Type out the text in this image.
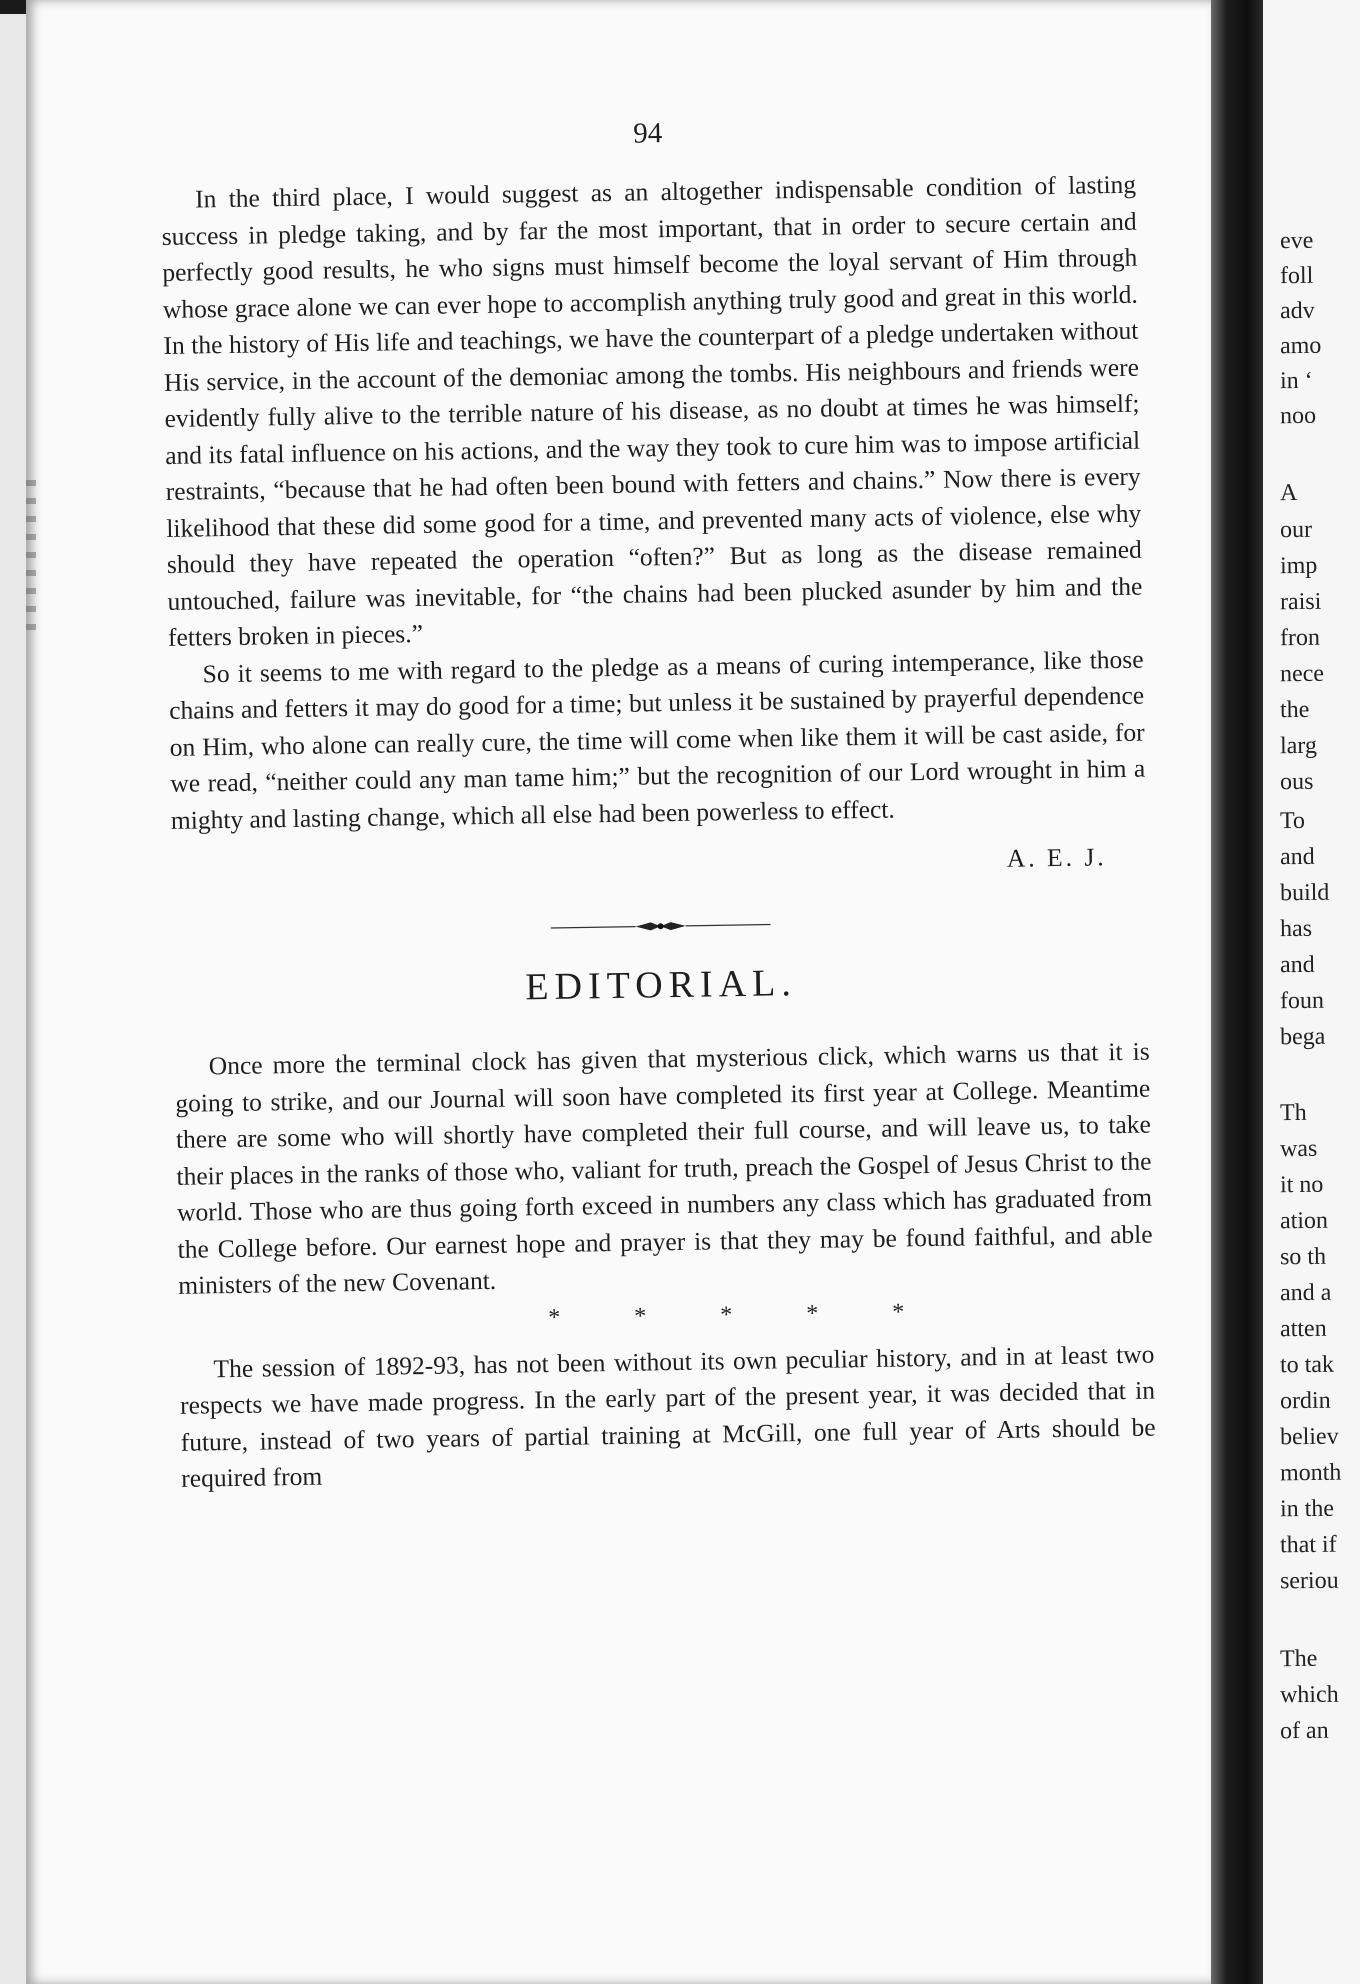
eve
foll
adv
amo
in ‘
noo
A
our
imp
raisi
fron
nece
the
larg
ous
To
and
build
has
and
foun
bega
Th
was
it no
ation
so th
and a
atten
to tak
ordin
believ
month
in the
that if
seriou
The
which
of an
94

In the third place, I would suggest as an altogether indispensable condition of lasting success in pledge taking, and by far the most important, that in order to secure certain and perfectly good results, he who signs must himself become the loyal servant of Him through whose grace alone we can ever hope to accomplish anything truly good and great in this world. In the history of His life and teachings, we have the counterpart of a pledge undertaken without His service, in the account of the demoniac among the tombs. His neighbours and friends were evidently fully alive to the terrible nature of his disease, as no doubt at times he was himself; and its fatal influence on his actions, and the way they took to cure him was to impose artificial restraints, “because that he had often been bound with fetters and chains.” Now there is every likelihood that these did some good for a time, and prevented many acts of violence, else why should they have repeated the operation “often?” But as long as the disease remained untouched, failure was inevitable, for “the chains had been plucked asunder by him and the fetters broken in pieces.”

So it seems to me with regard to the pledge as a means of curing intemperance, like those chains and fetters it may do good for a time; but unless it be sustained by prayerful dependence on Him, who alone can really cure, the time will come when like them it will be cast aside, for we read, “neither could any man tame him;” but the recognition of our Lord wrought in him a mighty and lasting change, which all else had been powerless to effect.

A. E. J.
EDITORIAL.

Once more the terminal clock has given that mysterious click, which warns us that it is going to strike, and our Journal will soon have completed its first year at College. Meantime there are some who will shortly have completed their full course, and will leave us, to take their places in the ranks of those who, valiant for truth, preach the Gospel of Jesus Christ to the world. Those who are thus going forth exceed in numbers any class which has graduated from the College before. Our earnest hope and prayer is that they may be found faithful, and able ministers of the new Covenant.

*	*	*	*	*

The session of 1892-93, has not been without its own peculiar history, and in at least two respects we have made progress. In the early part of the present year, it was decided that in future, instead of two years of partial training at McGill, one full year of Arts should be required from
